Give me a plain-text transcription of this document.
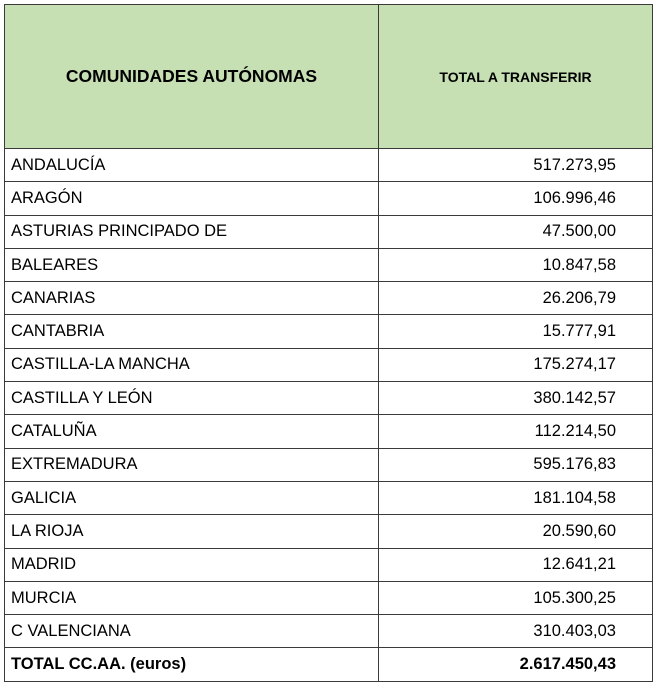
COMUNIDADES AUTÓNOMAS	TOTAL A TRANSFERIR
ANDALUCÍA	517.273,95
ARAGÓN	106.996,46
ASTURIAS PRINCIPADO DE	47.500,00
BALEARES	10.847,58
CANARIAS	26.206,79
CANTABRIA	15.777,91
CASTILLA-LA MANCHA	175.274,17
CASTILLA Y LEÓN	380.142,57
CATALUÑA	112.214,50
EXTREMADURA	595.176,83
GALICIA	181.104,58
LA RIOJA	20.590,60
MADRID	12.641,21
MURCIA	105.300,25
C VALENCIANA	310.403,03
TOTAL CC.AA. (euros)	2.617.450,43
